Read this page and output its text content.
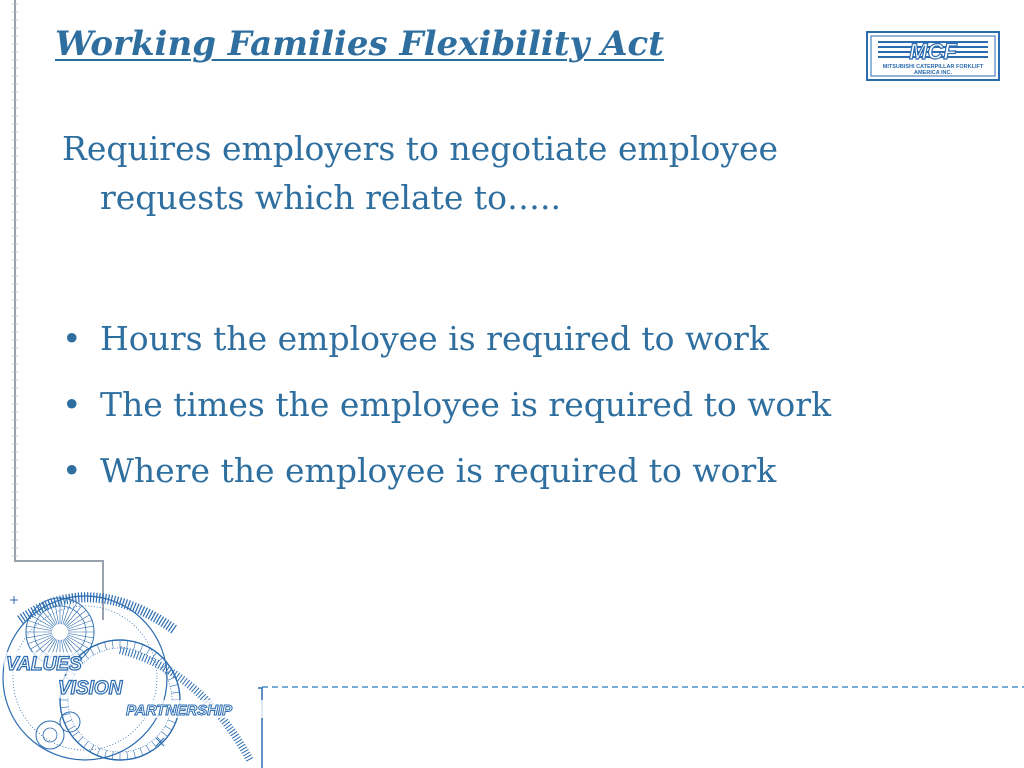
Working Families Flexibility Act	MCF
MITSUBISHI CATERPILLAR FORKLIFT
AMERICA INC.

Requires employers to negotiate employee
requests which relate to…..

• Hours the employee is required to work
• The times the employee is required to work
• Where the employee is required to work
VALUES
VISION
PARTNERSHIP
